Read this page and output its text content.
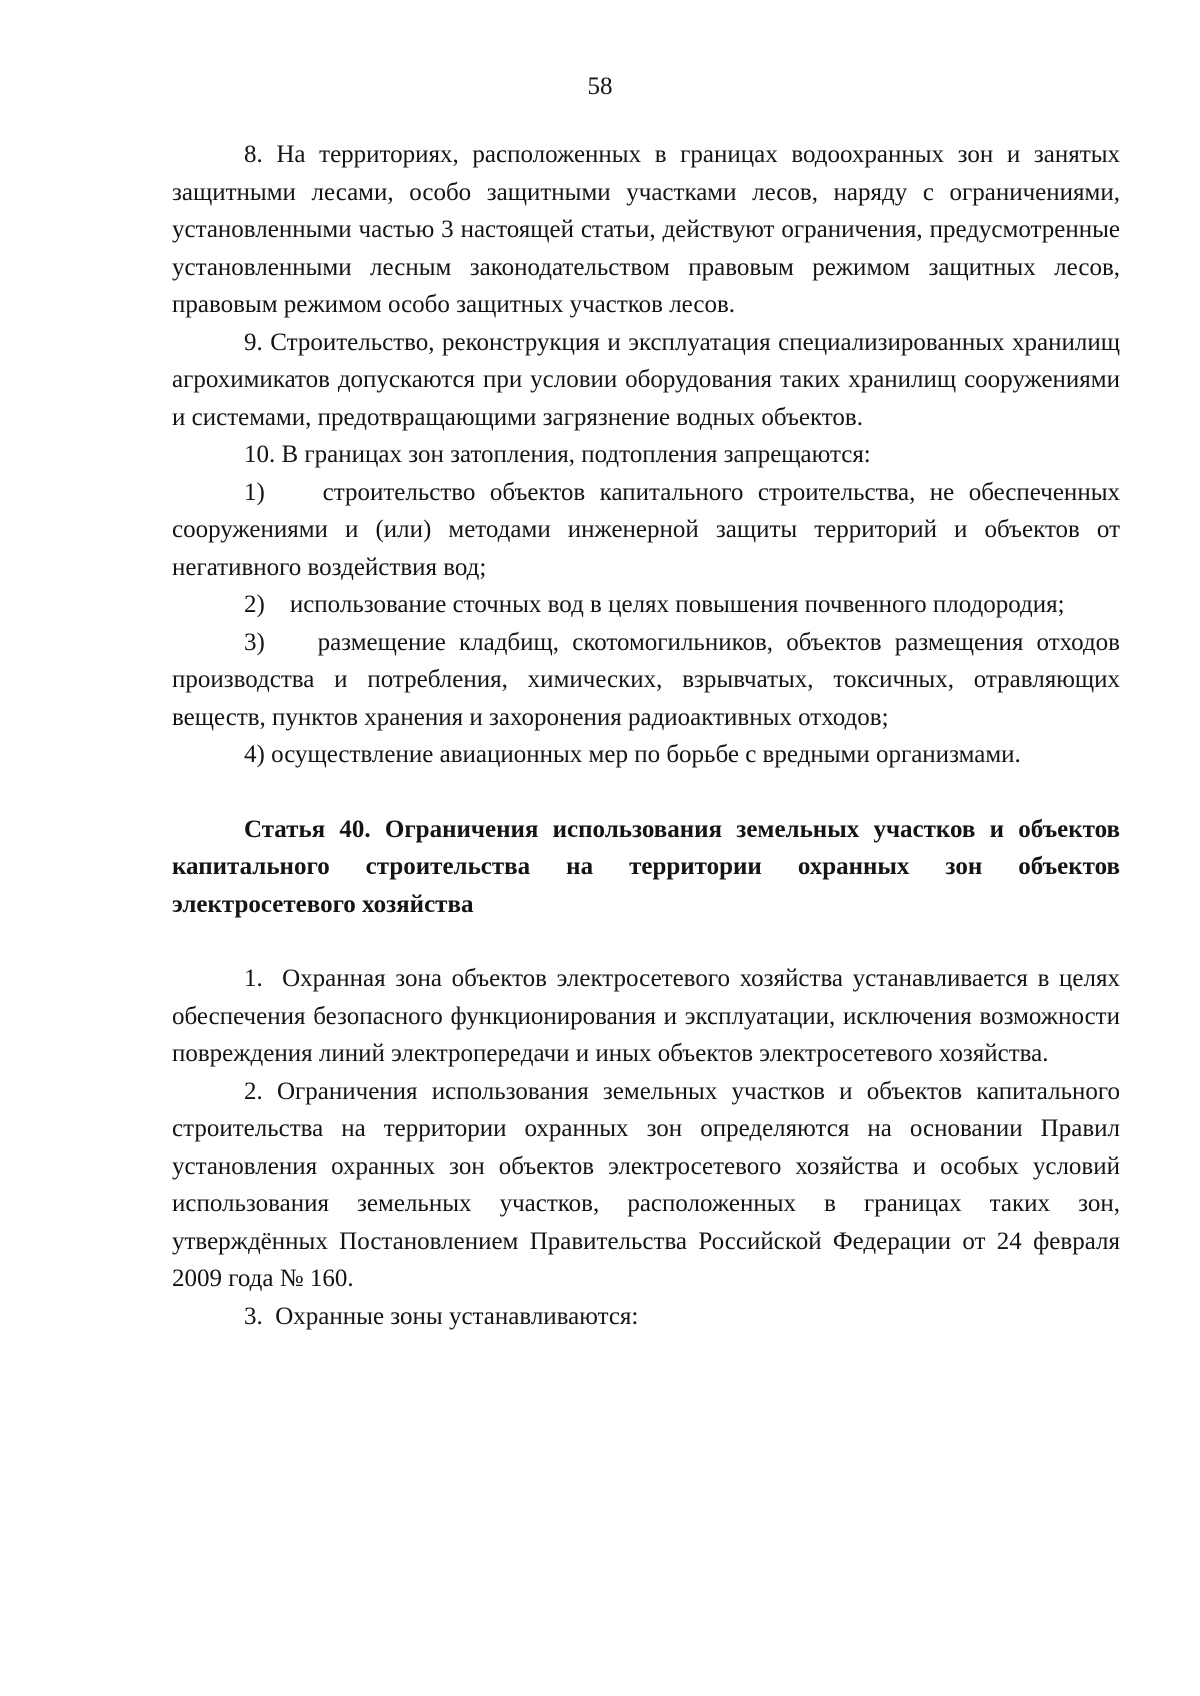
58

8. На территориях, расположенных в границах водоохранных зон и занятых защитными лесами, особо защитными участками лесов, наряду с ограничениями, установленными частью 3 настоящей статьи, действуют ограничения, предусмотренные установленными лесным законодательством правовым режимом защитных лесов, правовым режимом особо защитных участков лесов.

9. Строительство, реконструкция и эксплуатация специализированных хранилищ агрохимикатов допускаются при условии оборудования таких хранилищ сооружениями и системами, предотвращающими загрязнение водных объектов.

10. В границах зон затопления, подтопления запрещаются:

1)    строительство объектов капитального строительства, не обеспеченных сооружениями и (или) методами инженерной защиты территорий и объектов от негативного воздействия вод;

2)    использование сточных вод в целях повышения почвенного плодородия;

3)    размещение кладбищ, скотомогильников, объектов размещения отходов производства и потребления, химических, взрывчатых, токсичных, отравляющих веществ, пунктов хранения и захоронения радиоактивных отходов;

4) осуществление авиационных мер по борьбе с вредными организмами.

Статья 40. Ограничения использования земельных участков и объектов капитального строительства на территории охранных зон объектов электросетевого хозяйства

1.  Охранная зона объектов электросетевого хозяйства устанавливается в целях обеспечения безопасного функционирования и эксплуатации, исключения возможности повреждения линий электропередачи и иных объектов электросетевого хозяйства.

2. Ограничения использования земельных участков и объектов капитального строительства на территории охранных зон определяются на основании Правил установления охранных зон объектов электросетевого хозяйства и особых условий использования земельных участков, расположенных в границах таких зон, утверждённых Постановлением Правительства Российской Федерации от 24 февраля 2009 года № 160.

3.  Охранные зоны устанавливаются:
